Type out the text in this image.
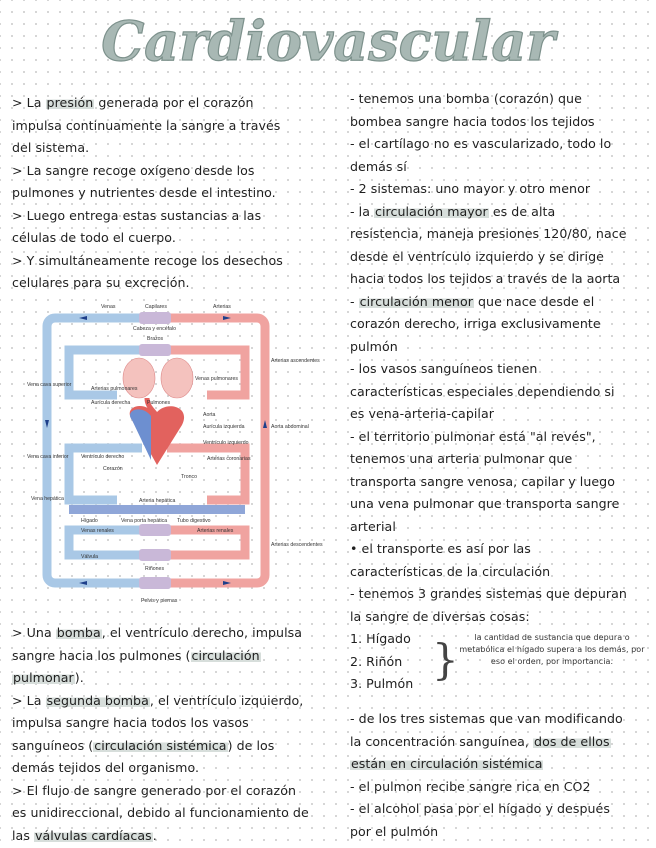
Cardiovascular
> La presión generada por el corazón
impulsa continuamente la sangre a través
del sistema.
> La sangre recoge oxígeno desde los
pulmones y nutrientes desde el intestino.
> Luego entrega estas sustancias a las
células de todo el cuerpo.
> Y simultáneamente recoge los desechos
celulares para su excreción.
Venas	Capilares	Arterias
Cabeza y encéfalo
Brazos
Arterias ascendentes
Venas pulmonares
Vena cava superior
Arterias pulmonares
Aurícula derecha	Pulmones
Aorta
Aorta abdominal
Aurícula izquierda
Ventrículo izquierdo
Vena cava inferior Ventrículo derecho	Arterias coronarias
Corazón
Tronco
Vena hepática	Arteria hepática
Hígado	Vena porta hepática Tubo digestivo
Venas renales	Arterias renales
Arterias descendentes
Válvula
Riñones
Pelvis y piernas
> Una bomba, el ventrículo derecho, impulsa
sangre hacia los pulmones (circulación
pulmonar).
> La segunda bomba, el ventrículo izquierdo,
impulsa sangre hacia todos los vasos
sanguíneos (circulación sistémica) de los
demás tejidos del organismo.
> El flujo de sangre generado por el corazón
es unidireccional, debido al funcionamiento de
las válvulas cardíacas.
- tenemos una bomba (corazón) que
bombea sangre hacia todos los tejidos
- el cartílago no es vascularizado, todo lo
demás sí
- 2 sistemas: uno mayor y otro menor
- la circulación mayor es de alta
resistencia, maneja presiones 120/80, nace
desde el ventrículo izquierdo y se dirige
hacia todos los tejidos a través de la aorta
- circulación menor que nace desde el
corazón derecho, irriga exclusivamente
pulmón
- los vasos sanguíneos tienen
características especiales dependiendo si
es vena-arteria-capilar
- el territorio pulmonar está "al revés",
tenemos una arteria pulmonar que
transporta sangre venosa, capilar y luego
una vena pulmonar que transporta sangre
arterial
• el transporte es así por las
características de la circulación
- tenemos 3 grandes sistemas que depuran
la sangre de diversas cosas:
1. Hígado
2. Riñón
3. Pulmón }	la cantidad de sustancia que depura o metabólica el hígado supera a los demás, por eso el orden, por importancia.
- de los tres sistemas que van modificando
la concentración sanguínea, dos de ellos
están en circulación sistémica
- el pulmon recibe sangre rica en CO2
- el alcohol pasa por el hígado y después
por el pulmón
